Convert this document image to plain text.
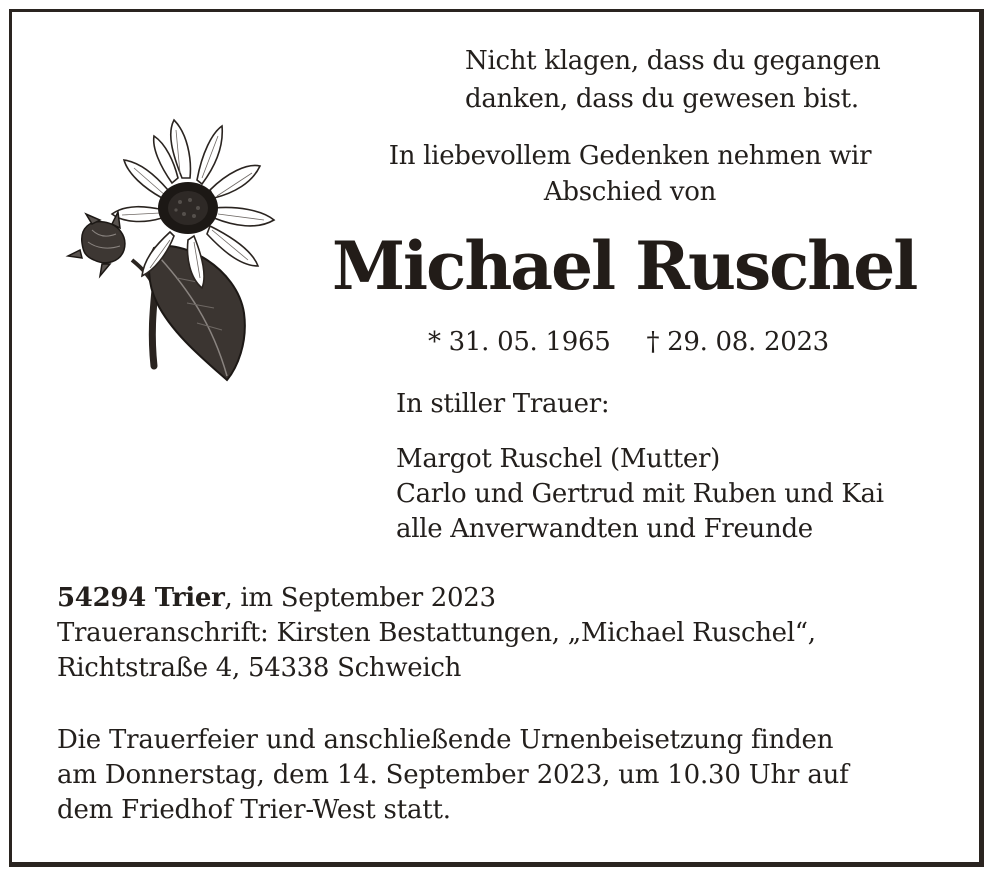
Nicht klagen, dass du gegangen
danken, dass du gewesen bist.
In liebevollem Gedenken nehmen wir
Abschied von
Michael Ruschel
* 31. 05. 1965 † 29. 08. 2023
In stiller Trauer:
Margot Ruschel (Mutter)
Carlo und Gertrud mit Ruben und Kai
alle Anverwandten und Freunde
54294 Trier, im September 2023
Traueranschrift: Kirsten Bestattungen, „Michael Ruschel“,
Richtstraße 4, 54338 Schweich
Die Trauerfeier und anschließende Urnenbeisetzung finden
am Donnerstag, dem 14. September 2023, um 10.30 Uhr auf
dem Friedhof Trier-West statt.
